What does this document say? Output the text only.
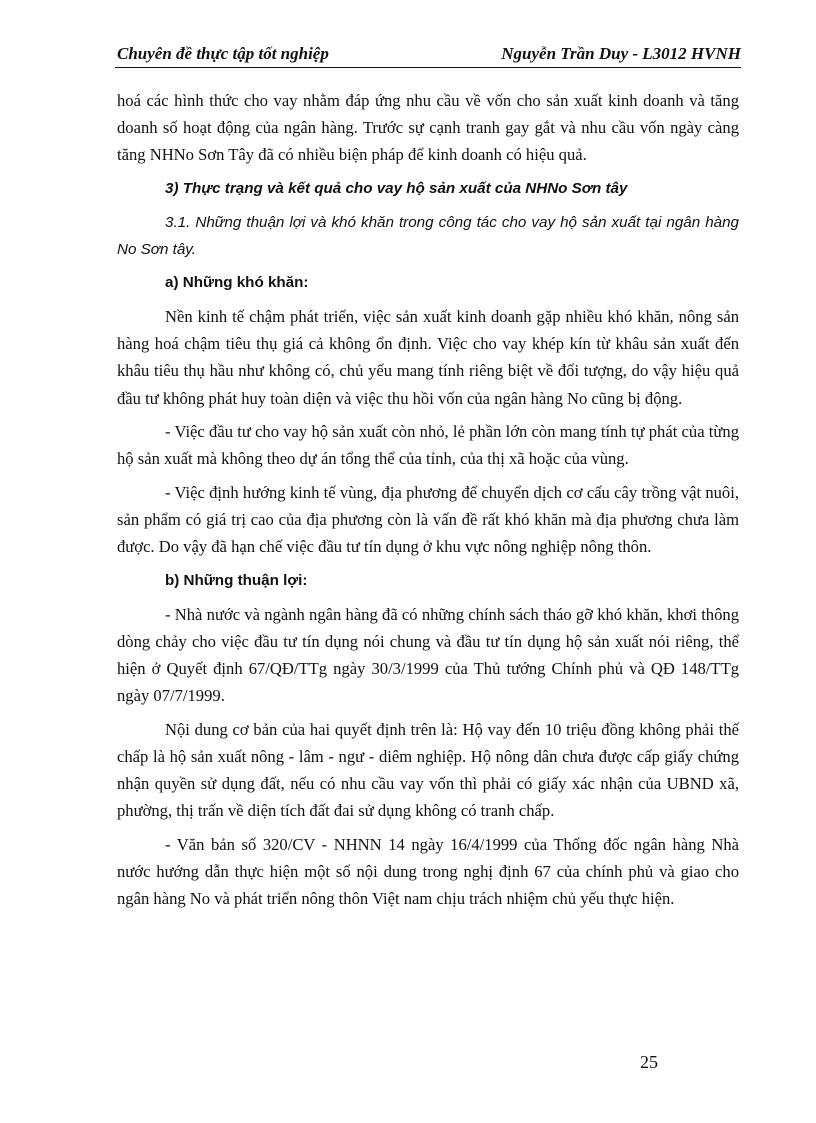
Chuyên đề thực tập tốt nghiệp	Nguyễn Trần Duy - L3012 HVNH

hoá các hình thức cho vay nhằm đáp ứng nhu cầu về vốn cho sản xuất kinh doanh và tăng doanh số hoạt động của ngân hàng. Trước sự cạnh tranh gay gắt và nhu cầu vốn ngày càng tăng NHNo Sơn Tây đã có nhiều biện pháp để kinh doanh có hiệu quả.

3) Thực trạng và kết quả cho vay hộ sản xuất của NHNo Sơn tây

3.1. Những thuận lợi và khó khăn trong công tác cho vay hộ sản xuất tại ngân hàng No Sơn tây.

a) Những khó khăn:

Nền kinh tế chậm phát triển, việc sản xuất kinh doanh gặp nhiều khó khăn, nông sản hàng hoá chậm tiêu thụ giá cả không ổn định. Việc cho vay khép kín từ khâu sản xuất đến khâu tiêu thụ hầu như không có, chủ yếu mang tính riêng biệt về đối tượng, do vậy hiệu quả đầu tư không phát huy toàn diện và việc thu hồi vốn của ngân hàng No cũng bị động.

- Việc đầu tư cho vay hộ sản xuất còn nhỏ, lẻ phần lớn còn mang tính tự phát của từng hộ sản xuất mà không theo dự án tổng thể của tỉnh, của thị xã hoặc của vùng.

- Việc định hướng kinh tế vùng, địa phương để chuyển dịch cơ cấu cây trồng vật nuôi, sản phẩm có giá trị cao của địa phương còn là vấn đề rất khó khăn mà địa phương chưa làm được. Do vậy đã hạn chế việc đầu tư tín dụng ở khu vực nông nghiệp nông thôn.

b) Những thuận lợi:

- Nhà nước và ngành ngân hàng đã có những chính sách tháo gỡ khó khăn, khơi thông dòng chảy cho việc đầu tư tín dụng nói chung và đầu tư tín dụng hộ sản xuất nói riêng, thể hiện ở Quyết định 67/QĐ/TTg ngày 30/3/1999 của Thủ tướng Chính phủ và QĐ 148/TTg ngày 07/7/1999.

Nội dung cơ bản của hai quyết định trên là: Hộ vay đến 10 triệu đồng không phải thế chấp là hộ sản xuất nông - lâm - ngư - diêm nghiệp. Hộ nông dân chưa được cấp giấy chứng nhận quyền sử dụng đất, nếu có nhu cầu vay vốn thì phải có giấy xác nhận của UBND xã, phường, thị trấn về diện tích đất đai sử dụng không có tranh chấp.

- Văn bản số 320/CV - NHNN 14 ngày 16/4/1999 của Thống đốc ngân hàng Nhà nước hướng dẫn thực hiện một số nội dung trong nghị định 67 của chính phủ và giao cho ngân hàng No và phát triển nông thôn Việt nam chịu trách nhiệm chủ yếu thực hiện.

25
